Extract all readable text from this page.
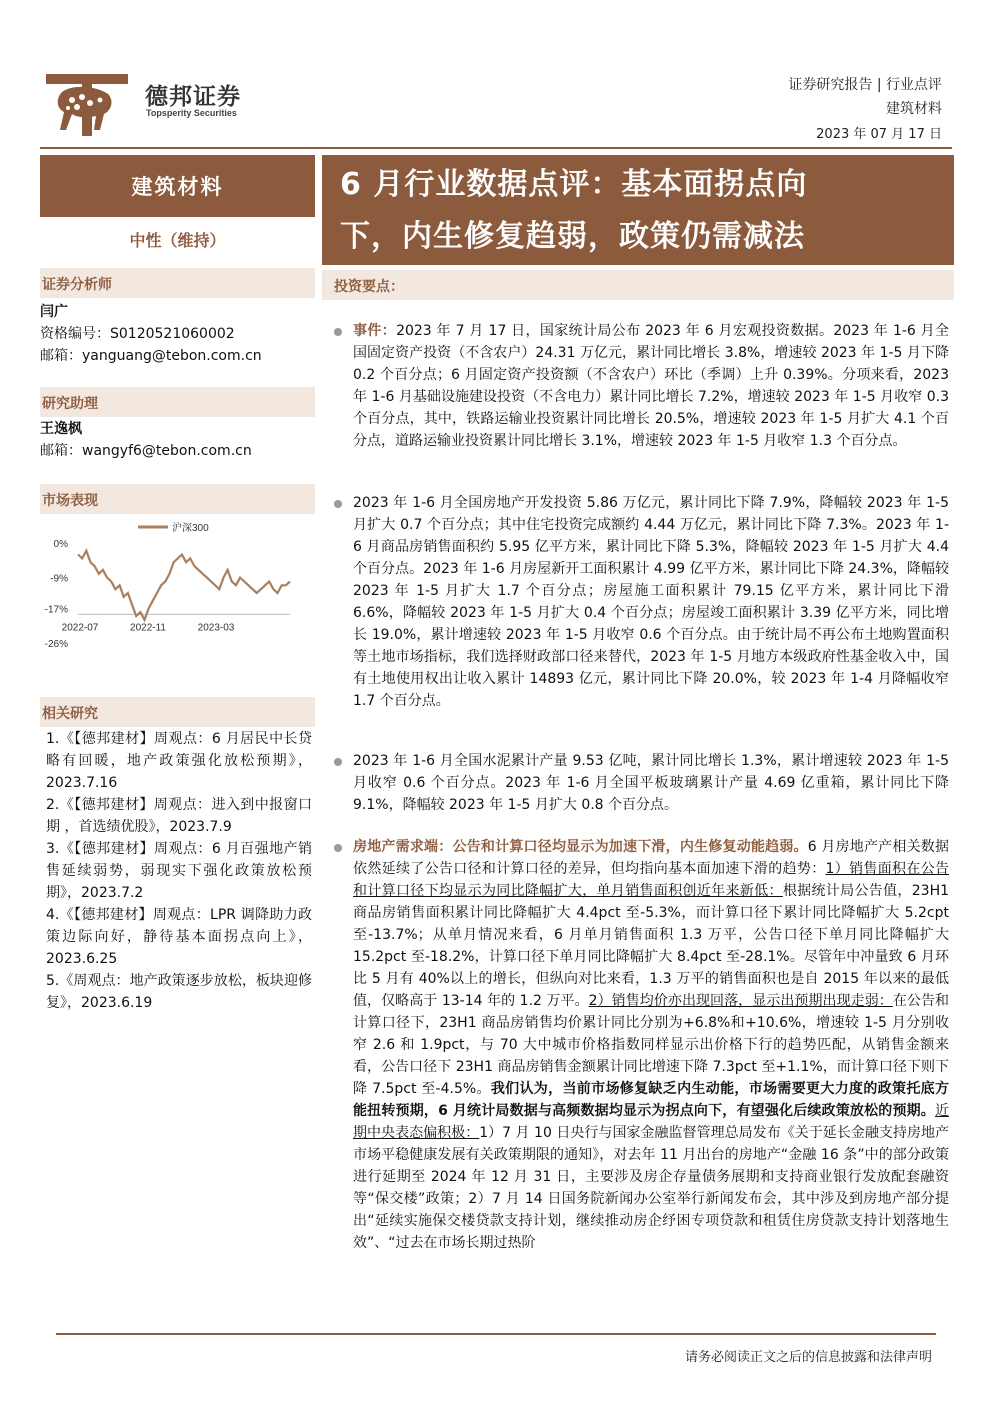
德邦证券
Topsperity Securities
证券研究报告 | 行业点评
建筑材料
2023 年 07 月 17 日
建筑材料
中性（维持）
证券分析师
闫广
资格编号：S0120521060002
邮箱：yanguang@tebon.com.cn
研究助理
王逸枫
邮箱：wangyf6@tebon.com.cn
市场表现
沪深300
0%
-9%
-17%
-26%
2022-07	2022-11	2023-03
相关研究
1.《【德邦建材】周观点：6 月居民中长贷略有回暖，地产政策强化放松预期》，2023.7.16
2.《【德邦建材】周观点：进入到中报窗口期 ，首选绩优股》，2023.7.9
3.《【德邦建材】周观点：6 月百强地产销售延续弱势，弱现实下强化政策放松预期》，2023.7.2
4.《【德邦建材】周观点：LPR 调降助力政策边际向好，静待基本面拐点向上》，2023.6.25
5.《周观点：地产政策逐步放松，板块迎修复》，2023.6.19
6 月行业数据点评：基本面拐点向
下，内生修复趋弱，政策仍需减法
投资要点：
事件：2023 年 7 月 17 日，国家统计局公布 2023 年 6 月宏观投资数据。2023 年 1-6 月全国固定资产投资（不含农户）24.31 万亿元，累计同比增长 3.8%，增速较 2023 年 1-5 月下降 0.2 个百分点；6 月固定资产投资额（不含农户）环比（季调）上升 0.39%。分项来看，2023 年 1-6 月基础设施建设投资（不含电力）累计同比增长 7.2%，增速较 2023 年 1-5 月收窄 0.3 个百分点，其中，铁路运输业投资累计同比增长 20.5%，增速较 2023 年 1-5 月扩大 4.1 个百分点，道路运输业投资累计同比增长 3.1%，增速较 2023 年 1-5 月收窄 1.3 个百分点。
2023 年 1-6 月全国房地产开发投资 5.86 万亿元，累计同比下降 7.9%，降幅较 2023 年 1-5 月扩大 0.7 个百分点；其中住宅投资完成额约 4.44 万亿元，累计同比下降 7.3%。2023 年 1-6 月商品房销售面积约 5.95 亿平方米，累计同比下降 5.3%，降幅较 2023 年 1-5 月扩大 4.4 个百分点。2023 年 1-6 月房屋新开工面积累计 4.99 亿平方米，累计同比下降 24.3%，降幅较 2023 年 1-5 月扩大 1.7 个百分点；房屋施工面积累计 79.15 亿平方米，累计同比下滑 6.6%，降幅较 2023 年 1-5 月扩大 0.4 个百分点；房屋竣工面积累计 3.39 亿平方米，同比增长 19.0%，累计增速较 2023 年 1-5 月收窄 0.6 个百分点。由于统计局不再公布土地购置面积等土地市场指标，我们选择财政部口径来替代，2023 年 1-5 月地方本级政府性基金收入中，国有土地使用权出让收入累计 14893 亿元，累计同比下降 20.0%，较 2023 年 1-4 月降幅收窄 1.7 个百分点。
2023 年 1-6 月全国水泥累计产量 9.53 亿吨，累计同比增长 1.3%，累计增速较 2023 年 1-5 月收窄 0.6 个百分点。2023 年 1-6 月全国平板玻璃累计产量 4.69 亿重箱，累计同比下降 9.1%，降幅较 2023 年 1-5 月扩大 0.8 个百分点。
房地产需求端：公告和计算口径均显示为加速下滑，内生修复动能趋弱。6 月房地产产相关数据依然延续了公告口径和计算口径的差异，但均指向基本面加速下滑的趋势：1）销售面积在公告和计算口径下均显示为同比降幅扩大，单月销售面积创近年来新低：根据统计局公告值，23H1 商品房销售面积累计同比降幅扩大 4.4pct 至-5.3%，而计算口径下累计同比降幅扩大 5.2cpt 至-13.7%；从单月情况来看，6 月单月销售面积 1.3 万平，公告口径下单月同比降幅扩大 15.2pct 至-18.2%，计算口径下单月同比降幅扩大 8.4pct 至-28.1%。尽管年中冲量致 6 月环比 5 月有 40%以上的增长，但纵向对比来看，1.3 万平的销售面积也是自 2015 年以来的最低值，仅略高于 13-14 年的 1.2 万平。2）销售均价亦出现回落，显示出预期出现走弱：在公告和计算口径下，23H1 商品房销售均价累计同比分别为+6.8%和+10.6%，增速较 1-5 月分别收窄 2.6 和 1.9pct，与 70 大中城市价格指数同样显示出价格下行的趋势匹配，从销售金额来看，公告口径下 23H1 商品房销售金额累计同比增速下降 7.3pct 至+1.1%，而计算口径下则下降 7.5pct 至-4.5%。我们认为，当前市场修复缺乏内生动能，市场需要更大力度的政策托底方能扭转预期，6 月统计局数据与高频数据均显示为拐点向下，有望强化后续政策放松的预期。近期中央表态偏积极：1）7 月 10 日央行与国家金融监督管理总局发布《关于延长金融支持房地产市场平稳健康发展有关政策期限的通知》，对去年 11 月出台的房地产“金融 16 条”中的部分政策进行延期至 2024 年 12 月 31 日，主要涉及房企存量债务展期和支持商业银行发放配套融资等“保交楼”政策；2）7 月 14 日国务院新闻办公室举行新闻发布会，其中涉及到房地产部分提出“延续实施保交楼贷款支持计划，继续推动房企纾困专项贷款和租赁住房贷款支持计划落地生效”、“过去在市场长期过热阶
请务必阅读正文之后的信息披露和法律声明
